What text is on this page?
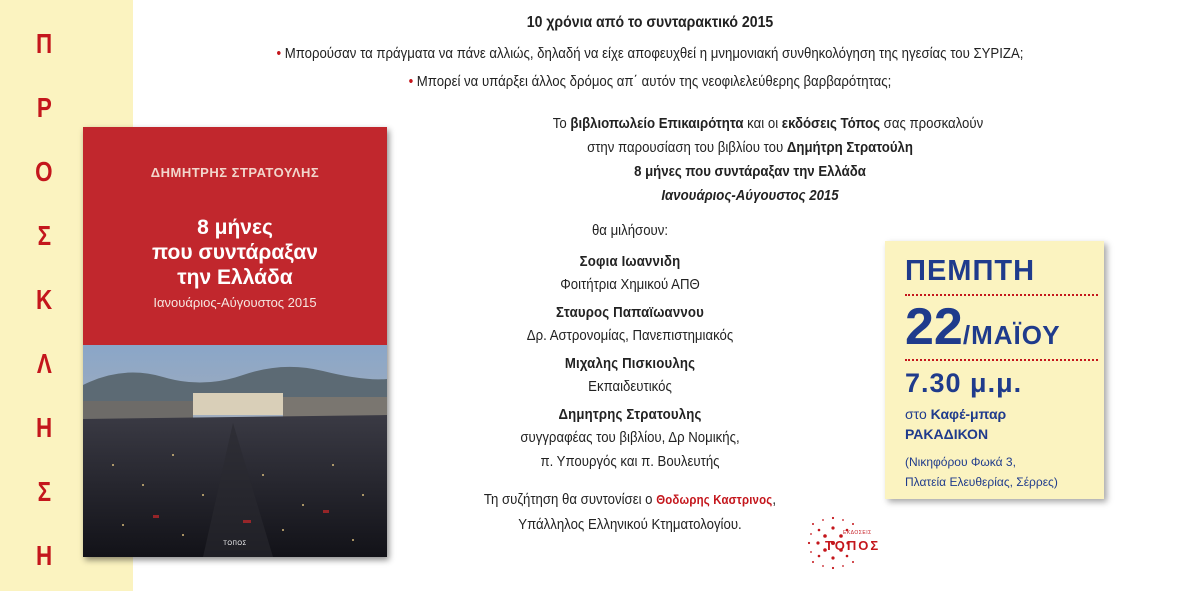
Π
Ρ
Ο
Σ
Κ
Λ
Η
Σ
Η
ΔΗΜΗΤΡΗΣ ΣΤΡΑΤΟΥΛΗΣ
8 μήνες
που συντάραξαν
την Ελλάδα
Ιανουάριος-Αύγουστος 2015
ΤΟΠΟΣ
10 χρόνια από το συνταρακτικό 2015
• Μπορούσαν τα πράγματα να πάνε αλλιώς, δηλαδή να είχε αποφευχθεί η μνημονιακή συνθηκολόγηση της ηγεσίας του ΣΥΡΙΖΑ;
• Μπορεί να υπάρξει άλλος δρόμος απ΄ αυτόν της νεοφιλελεύθερης βαρβαρότητας;
Το βιβλιοπωλείο Επικαιρότητα και οι εκδόσεις Τόπος σας προσκαλούν
στην παρουσίαση του βιβλίου του Δημήτρη Στρατούλη
8 μήνες που συντάραξαν την Ελλάδα
Ιανουάριος-Αύγουστος 2015
θα μιλήσουν:
Σοφια Ιωαννιδη
Φοιτήτρια Χημικού ΑΠΘ
Σταυρος Παπαϊωαννου
Δρ. Αστρονομίας, Πανεπιστημιακός
Μιχαλης Πισκιουλης
Εκπαιδευτικός
Δημητρης Στρατουλης
συγγραφέας του βιβλίου, Δρ Νομικής,
π. Υπουργός και π. Βουλευτής
Τη συζήτηση θα συντονίσει ο Θοδωρης Καστρινος,
Υπάλληλος Ελληνικού Κτηματολογίου.
ΠΕΜΠΤΗ
22/ΜΑΪΟΥ
7.30 μ.μ.
στο Καφέ-μπαρ
ΡΑΚΑΔΙΚΟΝ
(Νικηφόρου Φωκά 3,
Πλατεία Ελευθερίας, Σέρρες)
ΕΚΔΟΣΕΙΣ
ΤΟΠΟΣ
